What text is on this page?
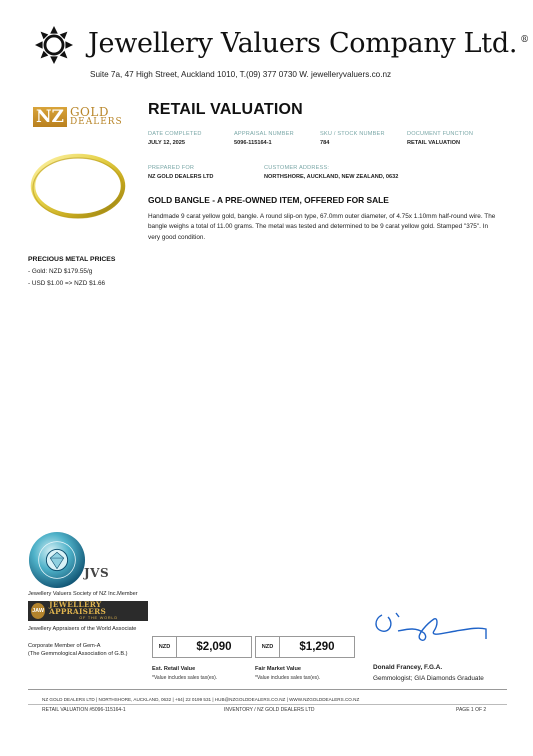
Jewellery Valuers Company Ltd. ®
Suite 7a, 47 High Street, Auckland 1010, T.(09) 377 0730 W. jewelleryvaluers.co.nz
NZ GOLD
DEALERS
RETAIL VALUATION
DATE COMPLETED
JULY 12, 2025
APPRAISAL NUMBER
5096-115164-1
SKU / STOCK NUMBER
784
DOCUMENT FUNCTION
RETAIL VALUATION
PREPARED FOR
NZ GOLD DEALERS LTD
CUSTOMER ADDRESS:
NORTHSHORE, AUCKLAND, NEW ZEALAND, 0632
GOLD BANGLE - A PRE-OWNED ITEM, OFFERED FOR SALE
Handmade 9 carat yellow gold, bangle. A round slip-on type, 67.0mm outer diameter, of 4.75x 1.10mm half-round wire. The bangle weighs a total of 11.00 grams. The metal was tested and determined to be 9 carat yellow gold. Stamped "375". In very good condition.
PRECIOUS METAL PRICES
- Gold: NZD $179.55/g
- USD $1.00 => NZD $1.66
JVS
Jewellery Valuers Society of NZ Inc.Member
JAW
JEWELLERY APPRAISERS
OF THE WORLD
Jewellery Appraisers of the World Associate
Corporate Member of Gem-A
(The Gemmological Association of G.B.)
NZD	$2,090
Est. Retail Value
*Value includes sales tax(es).
NZD	$1,290
Fair Market Value
*Value includes sales tax(es).
Donald Francey, F.G.A.
Gemmologist; GIA Diamonds Graduate
NZ GOLD DEALERS LTD | NORTHSHORE, AUCKLAND, 0632 | +64) 22 0199 531 | HUB@NZGOLDDEALERS.CO.NZ | WWW.NZGOLDDEALERS.CO.NZ
RETAIL VALUATION #5096-115164-1	INVENTORY / NZ GOLD DEALERS LTD	PAGE 1 OF 2
